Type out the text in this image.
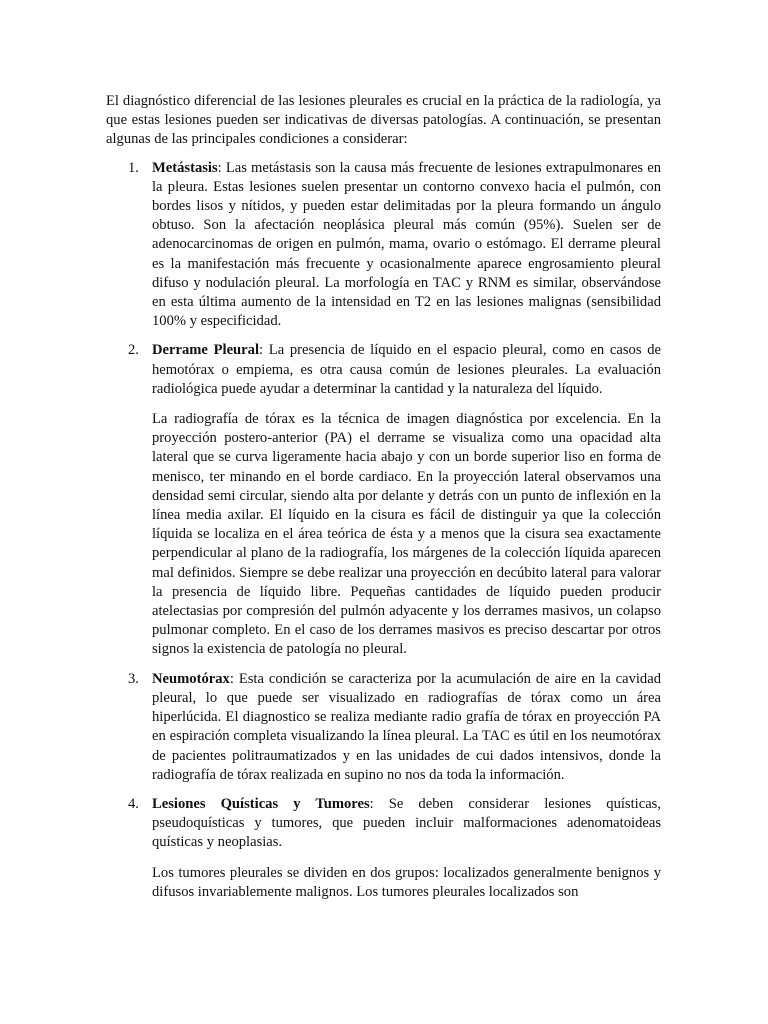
El diagnóstico diferencial de las lesiones pleurales es crucial en la práctica de la radiología, ya que estas lesiones pueden ser indicativas de diversas patologías. A continuación, se presentan algunas de las principales condiciones a considerar:

1. Metástasis: Las metástasis son la causa más frecuente de lesiones extrapulmonares en la pleura. Estas lesiones suelen presentar un contorno convexo hacia el pulmón, con bordes lisos y nítidos, y pueden estar delimitadas por la pleura formando un ángulo obtuso. Son la afectación neoplásica pleural más común (95%). Suelen ser de adenocarcinomas de origen en pulmón, mama, ovario o estómago. El derrame pleural es la manifestación más frecuente y ocasionalmente aparece engrosamiento pleural difuso y nodulación pleural. La morfología en TAC y RNM es similar, observándose en esta última aumento de la intensidad en T2 en las lesiones malignas (sensibilidad 100% y especificidad.

2. Derrame Pleural: La presencia de líquido en el espacio pleural, como en casos de hemotórax o empiema, es otra causa común de lesiones pleurales. La evaluación radiológica puede ayudar a determinar la cantidad y la naturaleza del líquido.

La radiografía de tórax es la técnica de imagen diagnóstica por excelencia. En la proyección postero-anterior (PA) el derrame se visualiza como una opacidad alta lateral que se curva ligeramente hacia abajo y con un borde superior liso en forma de menisco, ter minando en el borde cardiaco. En la proyección lateral observamos una densidad semi circular, siendo alta por delante y detrás con un punto de inflexión en la línea media axilar. El líquido en la cisura es fácil de distinguir ya que la colección líquida se localiza en el área teórica de ésta y a menos que la cisura sea exactamente perpendicular al plano de la radiografía, los márgenes de la colección líquida aparecen mal definidos. Siempre se debe realizar una proyección en decúbito lateral para valorar la presencia de líquido libre. Pequeñas cantidades de líquido pueden producir atelectasias por compresión del pulmón adyacente y los derrames masivos, un colapso pulmonar completo. En el caso de los derrames masivos es preciso descartar por otros signos la existencia de patología no pleural.

3. Neumotórax: Esta condición se caracteriza por la acumulación de aire en la cavidad pleural, lo que puede ser visualizado en radiografías de tórax como un área hiperlúcida. El diagnostico se realiza mediante radio grafía de tórax en proyección PA en espiración completa visualizando la línea pleural. La TAC es útil en los neumotórax de pacientes politraumatizados y en las unidades de cui dados intensivos, donde la radiografía de tórax realizada en supino no nos da toda la información.

4. Lesiones Quísticas y Tumores: Se deben considerar lesiones quísticas, pseudoquísticas y tumores, que pueden incluir malformaciones adenomatoideas quísticas y neoplasias.

Los tumores pleurales se dividen en dos grupos: localizados generalmente benignos y difusos invariablemente malignos. Los tumores pleurales localizados son
